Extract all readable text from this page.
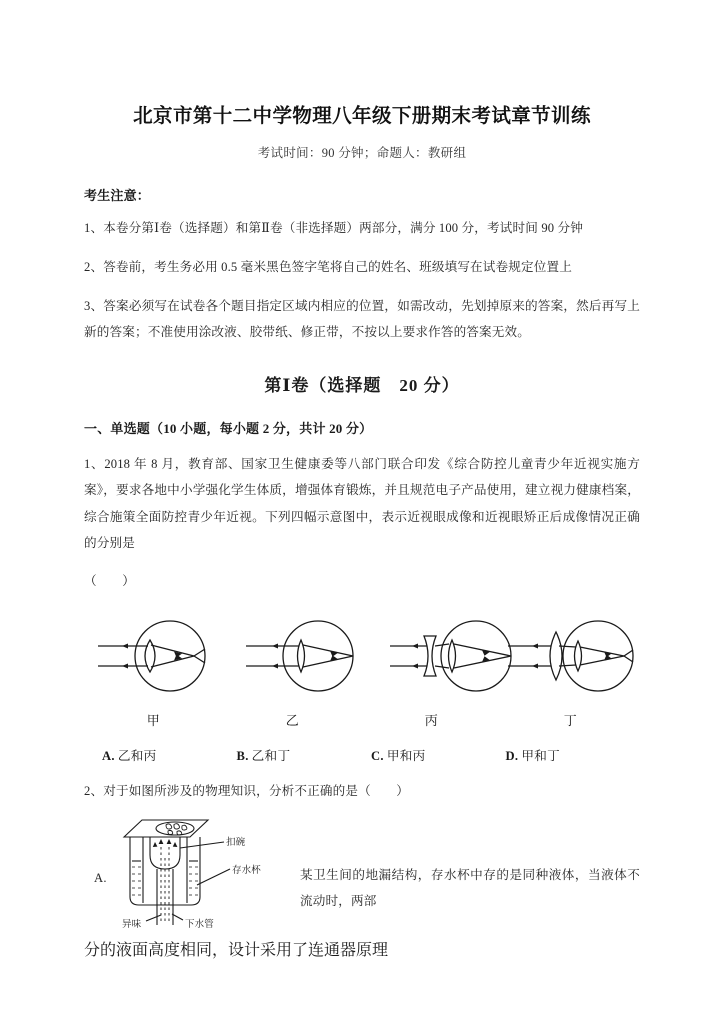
北京市第十二中学物理八年级下册期末考试章节训练
考试时间：90 分钟；命题人：教研组
考生注意：

1、本卷分第Ⅰ卷（选择题）和第Ⅱ卷（非选择题）两部分，满分 100 分，考试时间 90 分钟

2、答卷前，考生务必用 0.5 毫米黑色签字笔将自己的姓名、班级填写在试卷规定位置上

3、答案必须写在试卷各个题目指定区域内相应的位置，如需改动，先划掉原来的答案，然后再写上新的答案；不准使用涂改液、胶带纸、修正带，不按以上要求作答的答案无效。

第Ⅰ卷（选择题　20 分）
一、单选题（10 小题，每小题 2 分，共计 20 分）

1、2018 年 8 月，教育部、国家卫生健康委等八部门联合印发《综合防控儿童青少年近视实施方案》，要求各地中小学强化学生体质，增强体育锻炼，并且规范电子产品使用，建立视力健康档案，综合施策全面防控青少年近视。下列四幅示意图中，表示近视眼成像和近视眼矫正后成像情况正确的分别是

（　　）
甲	乙	丙	丁
A. 乙和丙	B. 乙和丁	C. 甲和丙	D. 甲和丁

2、对于如图所涉及的物理知识，分析不正确的是（　　）

A.
扣碗
存水杯
异味	下水管
某卫生间的地漏结构，存水杯中存的是同种液体，当液体不流动时，两部
分的液面高度相同，设计采用了连通器原理
